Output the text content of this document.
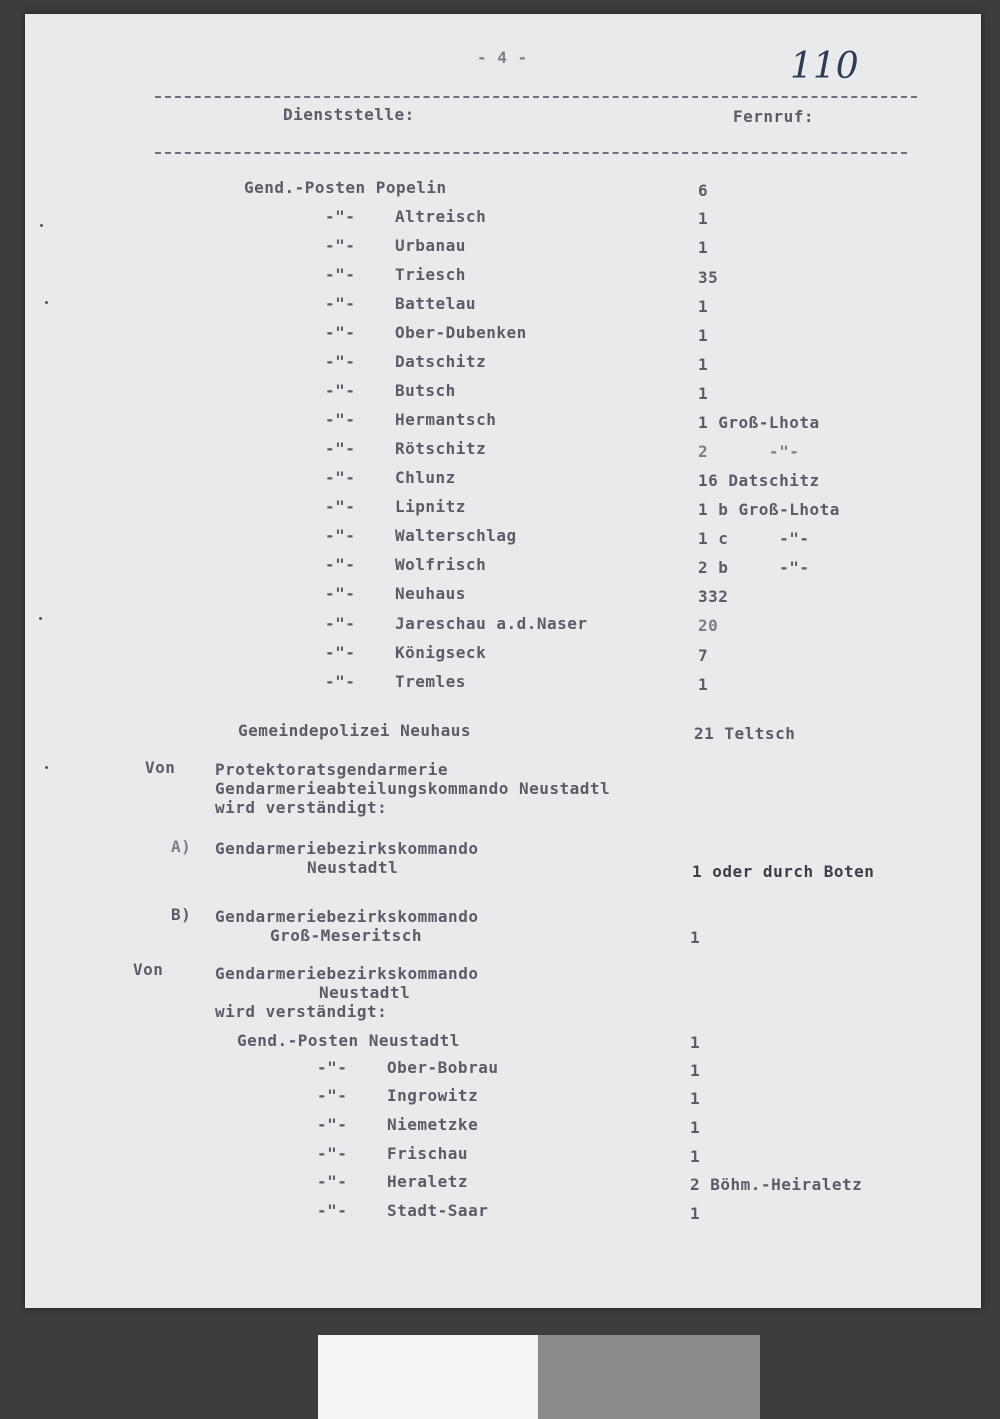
- 4 -	110
Dienststelle:	Fernruf:
Gend.-Posten Popelin	6
-"- Altreisch	1
-"- Urbanau	1
-"- Triesch	35
-"- Battelau	1
-"- Ober-Dubenken	1
-"- Datschitz	1
-"- Butsch	1
-"- Hermantsch	1 Groß-Lhota
-"- Rötschitz	2      -"-
-"- Chlunz	16 Datschitz
-"- Lipnitz	1 b Groß-Lhota
-"- Walterschlag	1 c     -"-
-"- Wolfrisch	2 b     -"-
-"- Neuhaus	332
-"- Jareschau a.d.Naser	20
-"- Königseck	7
-"- Tremles	1
Gemeindepolizei Neuhaus	21 Teltsch
Von Protektoratsgendarmerie
Gendarmerieabteilungskommando Neustadtl
wird verständigt:
A) Gendarmeriebezirkskommando
Neustadtl	1 oder durch Boten
B) Gendarmeriebezirkskommando
Groß-Meseritsch	1
Von	Gendarmeriebezirkskommando
Neustadtl
wird verständigt:
Gend.-Posten Neustadtl	1
-"- Ober-Bobrau	1
-"- Ingrowitz	1
-"- Niemetzke	1
-"- Frischau	1
-"- Heraletz	2 Böhm.-Heiraletz
-"- Stadt-Saar	1
